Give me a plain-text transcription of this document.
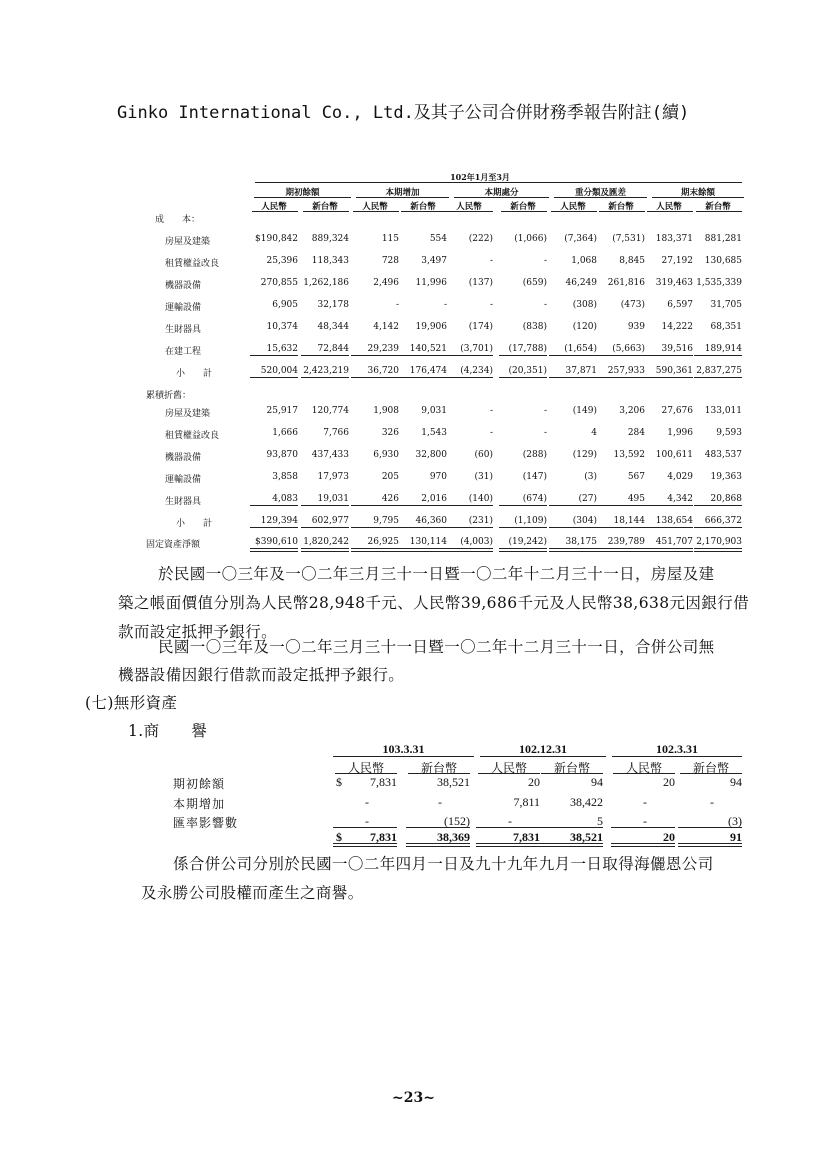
Ginko International Co., Ltd.及其子公司合併財務季報告附註(續)
102年1月至3月
期初餘額	本期增加	本期處分	重分類及匯差	期末餘額
人民幣	新台幣	人民幣	新台幣	人民幣	新台幣	人民幣	新台幣	人民幣	新台幣
成　　本：
累積折舊：
房屋及建築	$ 190,842	889,324	115	554	(222)	(1,066)	(7,364)	(7,531)	183,371	881,281
租賃權益改良	25,396	118,343	728	3,497	-	-	1,068	8,845	27,192	130,685
機器設備	270,855 1,262,186	2,496	11,996	(137)	(659)	46,249	261,816	319,463 1,535,339
運輸設備	6,905	32,178	-	-	-	-	(308)	(473)	6,597	31,705
生財器具	10,374	48,344	4,142	19,906	(174)	(838)	(120)	939	14,222	68,351
在建工程	15,632	72,844	29,239	140,521	(3,701)	(17,788)	(1,654)	(5,663)	39,516	189,914
小　　計	520,004 2,423,219	36,720	176,474	(4,234)	(20,351)	37,871	257,933	590,361 2,837,275
房屋及建築	25,917	120,774	1,908	9,031	-	-	(149)	3,206	27,676	133,011
租賃權益改良	1,666	7,766	326	1,543	-	-	4	284	1,996	9,593
機器設備	93,870	437,433	6,930	32,800	(60)	(288)	(129)	13,592	100,611	483,537
運輸設備	3,858	17,973	205	970	(31)	(147)	(3)	567	4,029	19,363
生財器具	4,083	19,031	426	2,016	(140)	(674)	(27)	495	4,342	20,868
小　　計	129,394	602,977	9,795	46,360	(231)	(1,109)	(304)	18,144	138,654	666,372
固定資產淨額	$ 390,610 1,820,242	26,925	130,114	(4,003)	(19,242)	38,175	239,789	451,707 2,170,903
於民國一〇三年及一〇二年三月三十一日暨一〇二年十二月三十一日，房屋及建
築之帳面價值分別為人民幣28,948千元、人民幣39,686千元及人民幣38,638元因銀行借
款而設定抵押予銀行。
民國一〇三年及一〇二年三月三十一日暨一〇二年十二月三十一日，合併公司無
機器設備因銀行借款而設定抵押予銀行。
(七)無形資產
1.商　　譽
103.3.31	102.12.31	102.3.31
人民幣	新台幣	人民幣	新台幣	人民幣	新台幣
期初餘額	7,831	38,521	20	94	20	94
本期增加	-	-	7,811	38,422	-	-
匯率影響數	-	(152)	-	5	-	(3)
7,831	38,369	7,831	38,521	20	91
$
$
係合併公司分別於民國一〇二年四月一日及九十九年九月一日取得海儷恩公司
及永勝公司股權而產生之商譽。
~23~
